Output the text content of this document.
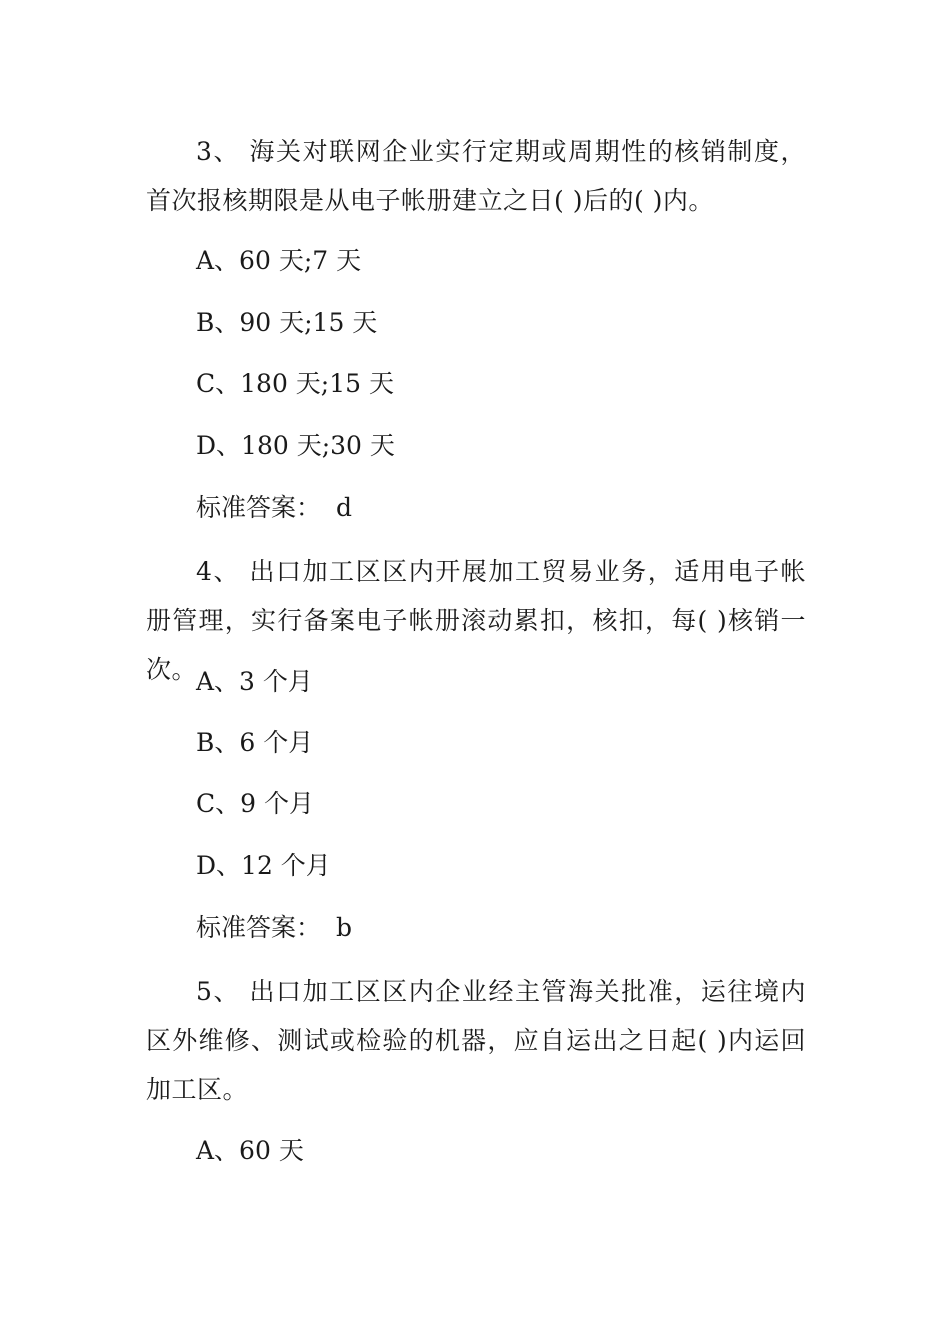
3、 海关对联网企业实行定期或周期性的核销制度，首次报核期限是从电子帐册建立之日( )后的( )内。
A、60 天;7 天
B、90 天;15 天
C、180 天;15 天
D、180 天;30 天
标准答案： d
4、 出口加工区区内开展加工贸易业务，适用电子帐册管理，实行备案电子帐册滚动累扣，核扣，每( )核销一次。
A、3 个月
B、6 个月
C、9 个月
D、12 个月
标准答案： b
5、 出口加工区区内企业经主管海关批准，运往境内区外维修、测试或检验的机器，应自运出之日起( )内运回加工区。
A、60 天
